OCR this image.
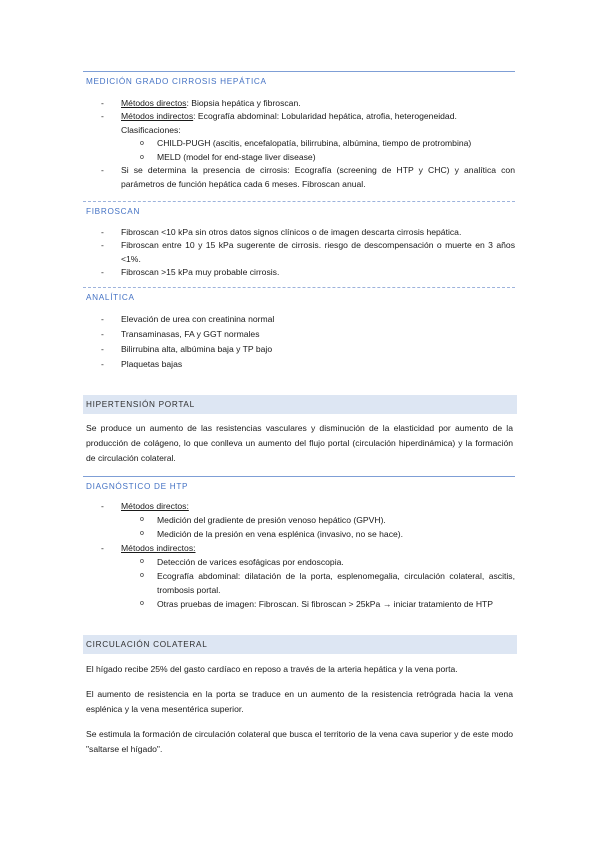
MEDICIÓN GRADO CIRROSIS HEPÁTICA
- Métodos directos: Biopsia hepática y fibroscan.
- Métodos indirectos: Ecografía abdominal: Lobularidad hepática, atrofia, heterogeneidad.
Clasificaciones:
o CHILD-PUGH (ascitis, encefalopatía, bilirrubina, albúmina, tiempo de protrombina)
o MELD (model for end-stage liver disease)
- Si se determina la presencia de cirrosis: Ecografía (screening de HTP y CHC) y analítica con parámetros de función hepática cada 6 meses. Fibroscan anual.
FIBROSCAN
- Fibroscan <10 kPa sin otros datos signos clínicos o de imagen descarta cirrosis hepática.
- Fibroscan entre 10 y 15 kPa sugerente de cirrosis. riesgo de descompensación o muerte en 3 años <1%.
- Fibroscan >15 kPa muy probable cirrosis.
ANALÍTICA
- Elevación de urea con creatinina normal
- Transaminasas, FA y GGT normales
- Bilirrubina alta, albúmina baja y TP bajo
- Plaquetas bajas
HIPERTENSIÓN PORTAL
Se produce un aumento de las resistencias vasculares y disminución de la elasticidad por aumento de la producción de colágeno, lo que conlleva un aumento del flujo portal (circulación hiperdinámica) y la formación de circulación colateral.
DIAGNÓSTICO DE HTP
- Métodos directos:
o Medición del gradiente de presión venoso hepático (GPVH).
o Medición de la presión en vena esplénica (invasivo, no se hace).
- Métodos indirectos:
o Detección de varices esofágicas por endoscopia.
o Ecografía abdominal: dilatación de la porta, esplenomegalia, circulación colateral, ascitis, trombosis portal.
o Otras pruebas de imagen: Fibroscan. Si fibroscan > 25kPa → iniciar tratamiento de HTP
CIRCULACIÓN COLATERAL
El hígado recibe 25% del gasto cardíaco en reposo a través de la arteria hepática y la vena porta.
El aumento de resistencia en la porta se traduce en un aumento de la resistencia retrógrada hacia la vena esplénica y la vena mesentérica superior.
Se estimula la formación de circulación colateral que busca el territorio de la vena cava superior y de este modo "saltarse el hígado".
